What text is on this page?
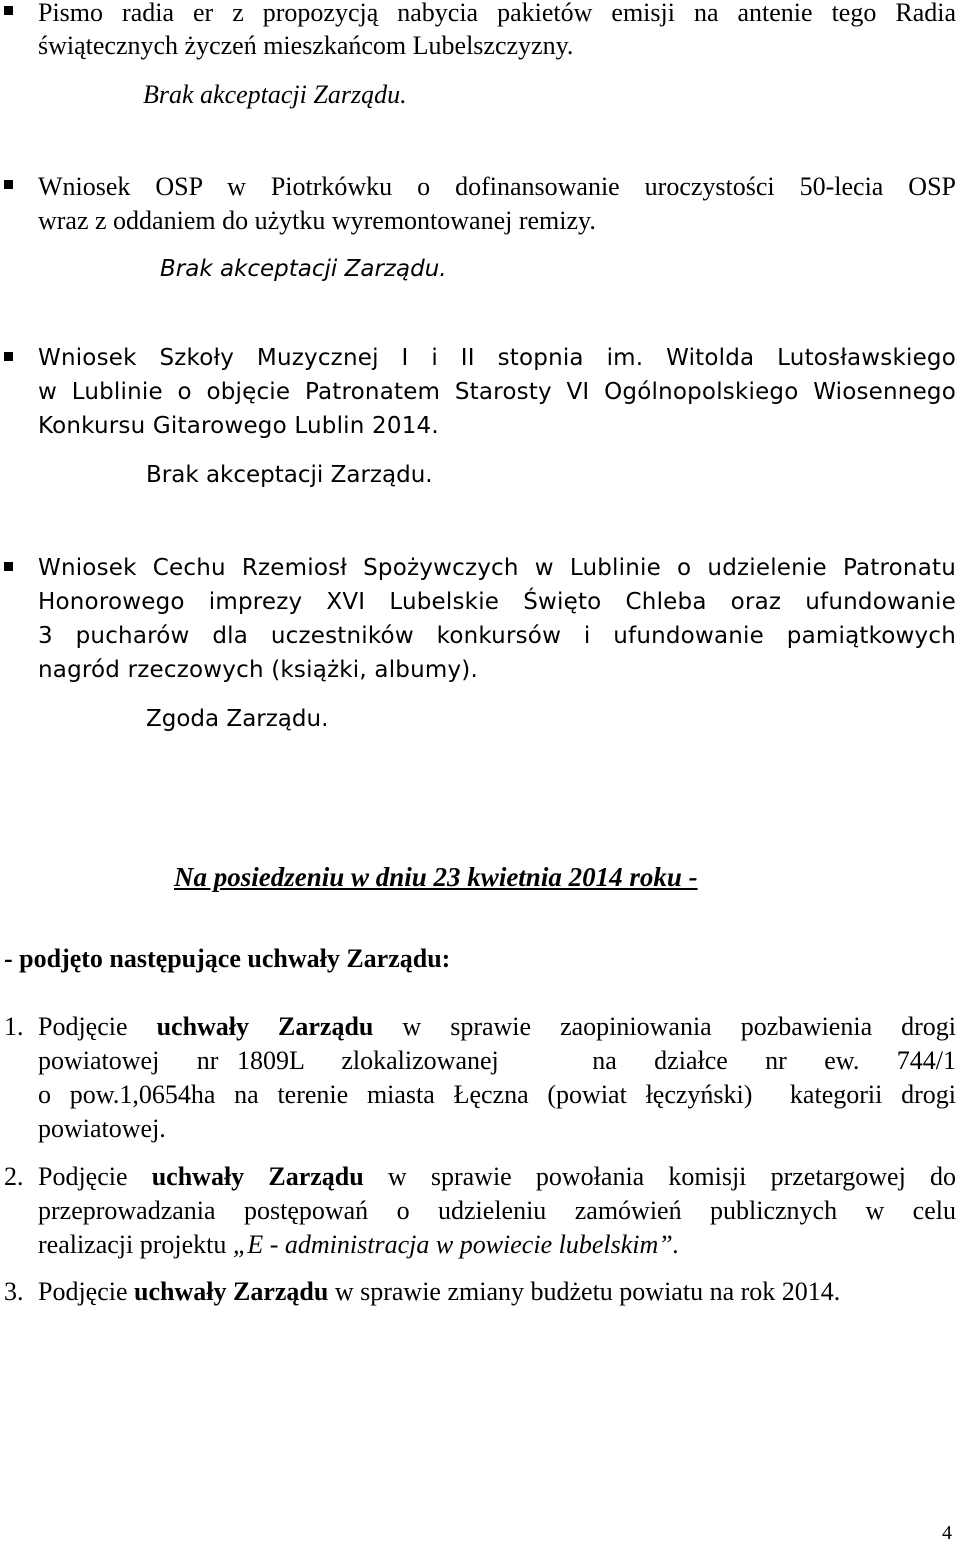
Pismo radia er z propozycją nabycia pakietów emisji na antenie tego Radia
świątecznych życzeń mieszkańcom Lubelszczyzny.
Brak akceptacji Zarządu.
Wniosek OSP w Piotrkówku o dofinansowanie uroczystości 50-lecia OSP
wraz z oddaniem do użytku wyremontowanej remizy.
Brak akceptacji Zarządu.
Wniosek Szkoły Muzycznej I i II stopnia im. Witolda Lutosławskiego
w Lublinie o objęcie Patronatem Starosty VI Ogólnopolskiego Wiosennego
Konkursu Gitarowego Lublin 2014.
Brak akceptacji Zarządu.
Wniosek Cechu Rzemiosł Spożywczych w Lublinie o udzielenie Patronatu
Honorowego imprezy XVI Lubelskie Święto Chleba oraz ufundowanie
3 pucharów dla uczestników konkursów i ufundowanie pamiątkowych
nagród rzeczowych (książki, albumy).
Zgoda Zarządu.
Na posiedzeniu w dniu 23 kwietnia 2014 roku -
- podjęto następujące uchwały Zarządu:
1. Podjęcie uchwały Zarządu w sprawie zaopiniowania pozbawienia drogi
powiatowej  nr 1809L  zlokalizowanej     na  działce  nr  ew.  744/1
o pow.1,0654ha na terenie miasta Łęczna (powiat łęczyński)  kategorii drogi
powiatowej.
2. Podjęcie uchwały Zarządu w sprawie powołania komisji przetargowej do
przeprowadzania postępowań o udzieleniu zamówień publicznych w celu
realizacji projektu „E - administracja w powiecie lubelskim”.
3. Podjęcie uchwały Zarządu w sprawie zmiany budżetu powiatu na rok 2014.
4
